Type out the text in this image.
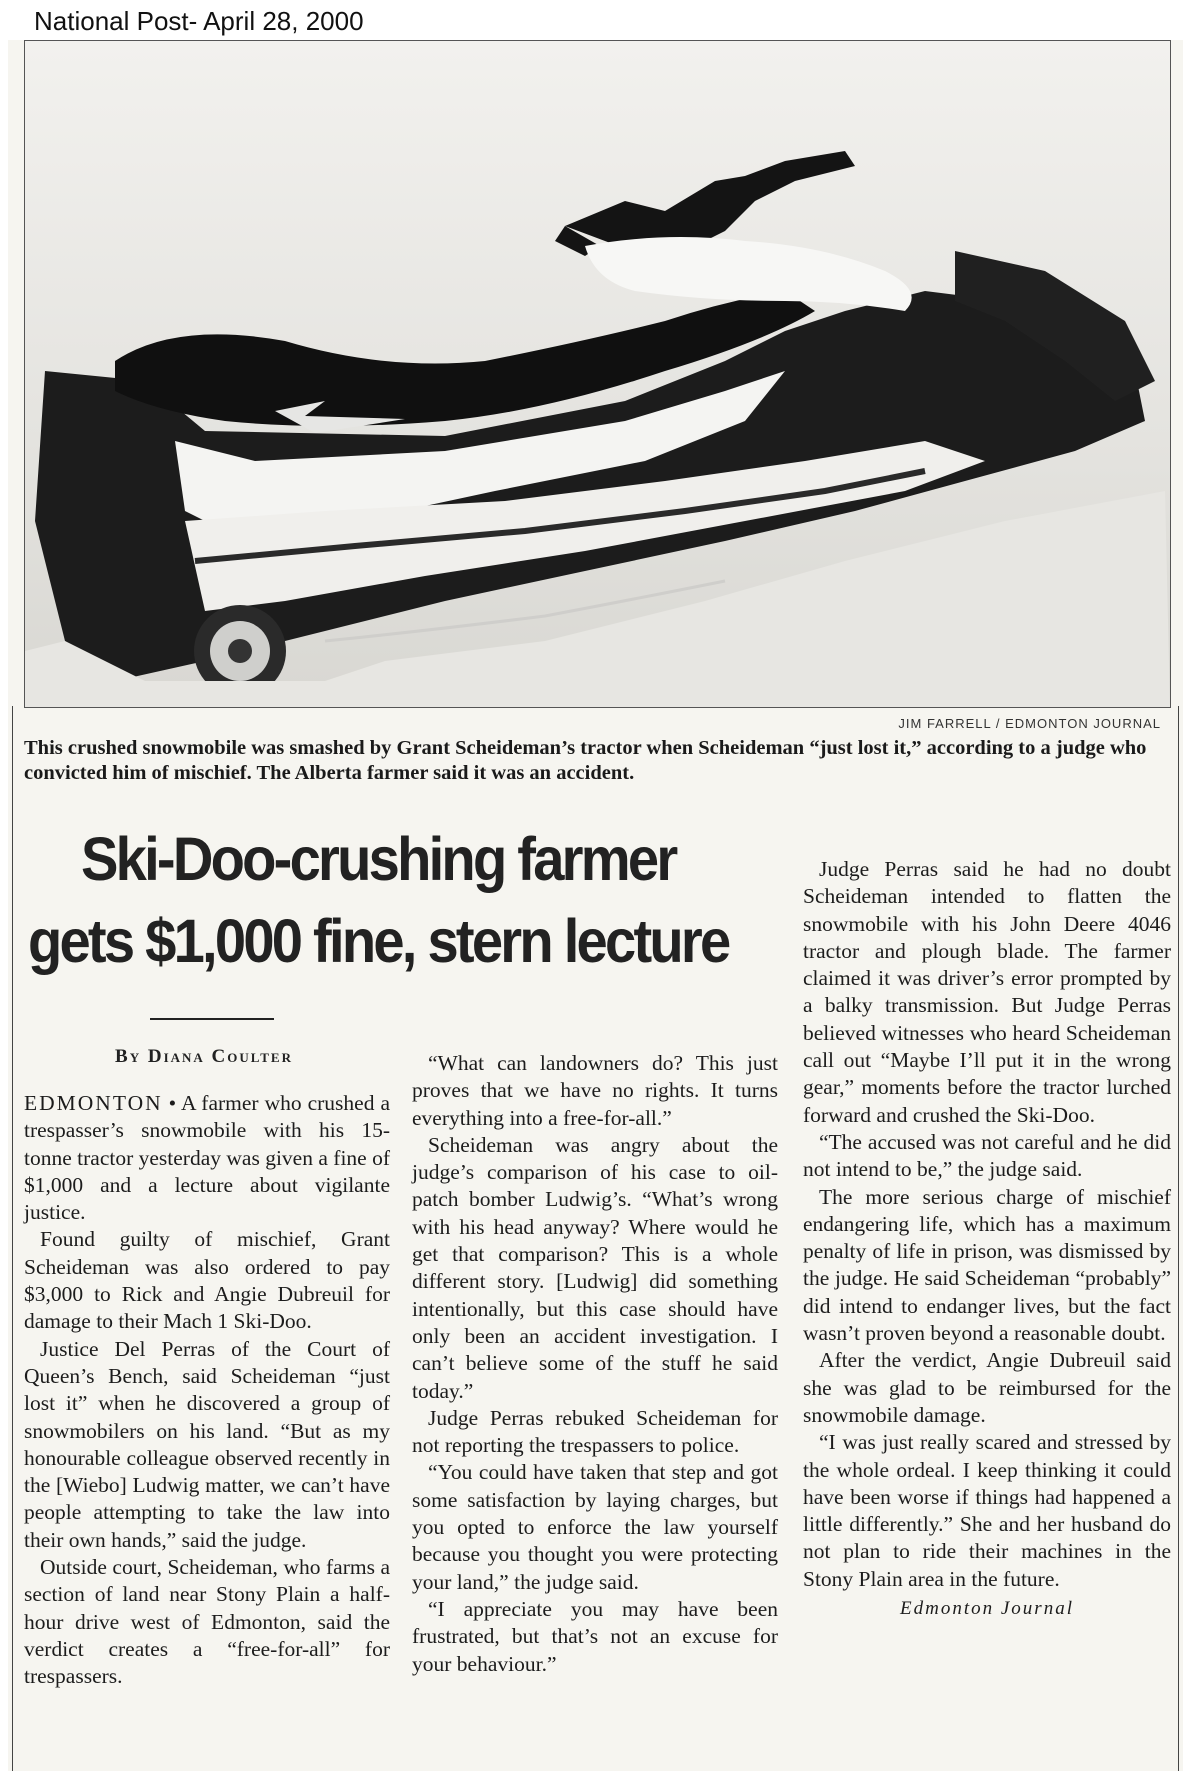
National Post- April 28, 2000
JIM FARRELL / EDMONTON JOURNAL
This crushed snowmobile was smashed by Grant Scheideman’s tractor when Scheideman “just lost it,” according to a judge who convicted him of mischief. The Alberta farmer said it was an accident.
Ski-Doo-crushing farmer
gets $1,000 fine, stern lecture
By Diana Coulter

EDMONTON • A farmer who crushed a trespasser’s snowmobile with his 15-tonne tractor yesterday was given a fine of $1,000 and a lecture about vigilante justice.

Found guilty of mischief, Grant Scheideman was also ordered to pay $3,000 to Rick and Angie Dubreuil for damage to their Mach 1 Ski-Doo.

Justice Del Perras of the Court of Queen’s Bench, said Scheideman “just lost it” when he discovered a group of snowmobilers on his land. “But as my honourable colleague observed recently in the [Wiebo] Ludwig matter, we can’t have people attempting to take the law into their own hands,” said the judge.

Outside court, Scheideman, who farms a section of land near Stony Plain a half-hour drive west of Edmonton, said the verdict creates a “free-for-all” for trespassers.

“What can landowners do? This just proves that we have no rights. It turns everything into a free-for-all.”

Scheideman was angry about the judge’s comparison of his case to oil-patch bomber Ludwig’s. “What’s wrong with his head anyway? Where would he get that comparison? This is a whole different story. [Ludwig] did something intentionally, but this case should have only been an accident investigation. I can’t believe some of the stuff he said today.”

Judge Perras rebuked Scheideman for not reporting the trespassers to police.

“You could have taken that step and got some satisfaction by laying charges, but you opted to enforce the law yourself because you thought you were protecting your land,” the judge said.

“I appreciate you may have been frustrated, but that’s not an excuse for your behaviour.”

Judge Perras said he had no doubt Scheideman intended to flatten the snowmobile with his John Deere 4046 tractor and plough blade. The farmer claimed it was driver’s error prompted by a balky transmission. But Judge Perras believed witnesses who heard Scheideman call out “Maybe I’ll put it in the wrong gear,” moments before the tractor lurched forward and crushed the Ski-Doo.

“The accused was not careful and he did not intend to be,” the judge said.

The more serious charge of mischief endangering life, which has a maximum penalty of life in prison, was dismissed by the judge. He said Scheideman “probably” did intend to endanger lives, but the fact wasn’t proven beyond a reasonable doubt.

After the verdict, Angie Dubreuil said she was glad to be reimbursed for the snowmobile damage.

“I was just really scared and stressed by the whole ordeal. I keep thinking it could have been worse if things had happened a little differently.” She and her husband do not plan to ride their machines in the Stony Plain area in the future.

Edmonton Journal
